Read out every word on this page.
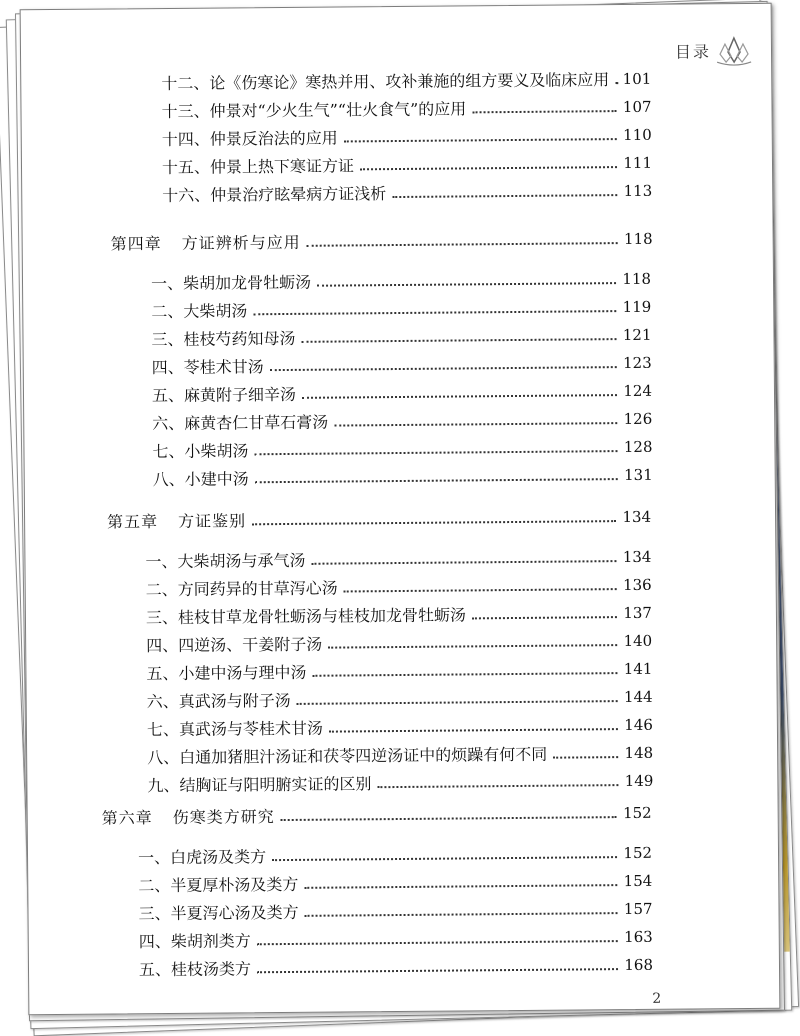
目录
十二、论《伤寒论》寒热并用、攻补兼施的组方要义及临床应用 101
十三、仲景对“少火生气”“壮火食气”的应用	107
十四、仲景反治法的应用	110
十五、仲景上热下寒证方证	111
十六、仲景治疗眩晕病方证浅析	113
第四章 方证辨析与应用	118
一、柴胡加龙骨牡蛎汤	118
二、大柴胡汤	119
三、桂枝芍药知母汤	121
四、苓桂术甘汤	123
五、麻黄附子细辛汤	124
六、麻黄杏仁甘草石膏汤	126
七、小柴胡汤	128
八、小建中汤	131
第五章 方证鉴别	134
一、大柴胡汤与承气汤	134
二、方同药异的甘草泻心汤	136
三、桂枝甘草龙骨牡蛎汤与桂枝加龙骨牡蛎汤	137
四、四逆汤、干姜附子汤	140
五、小建中汤与理中汤	141
六、真武汤与附子汤	144
七、真武汤与苓桂术甘汤	146
八、白通加猪胆汁汤证和茯苓四逆汤证中的烦躁有何不同	148
九、结胸证与阳明腑实证的区别	149
第六章 伤寒类方研究	152
一、白虎汤及类方	152
二、半夏厚朴汤及类方	154
三、半夏泻心汤及类方	157
四、柴胡剂类方	163
五、桂枝汤类方	168
2
